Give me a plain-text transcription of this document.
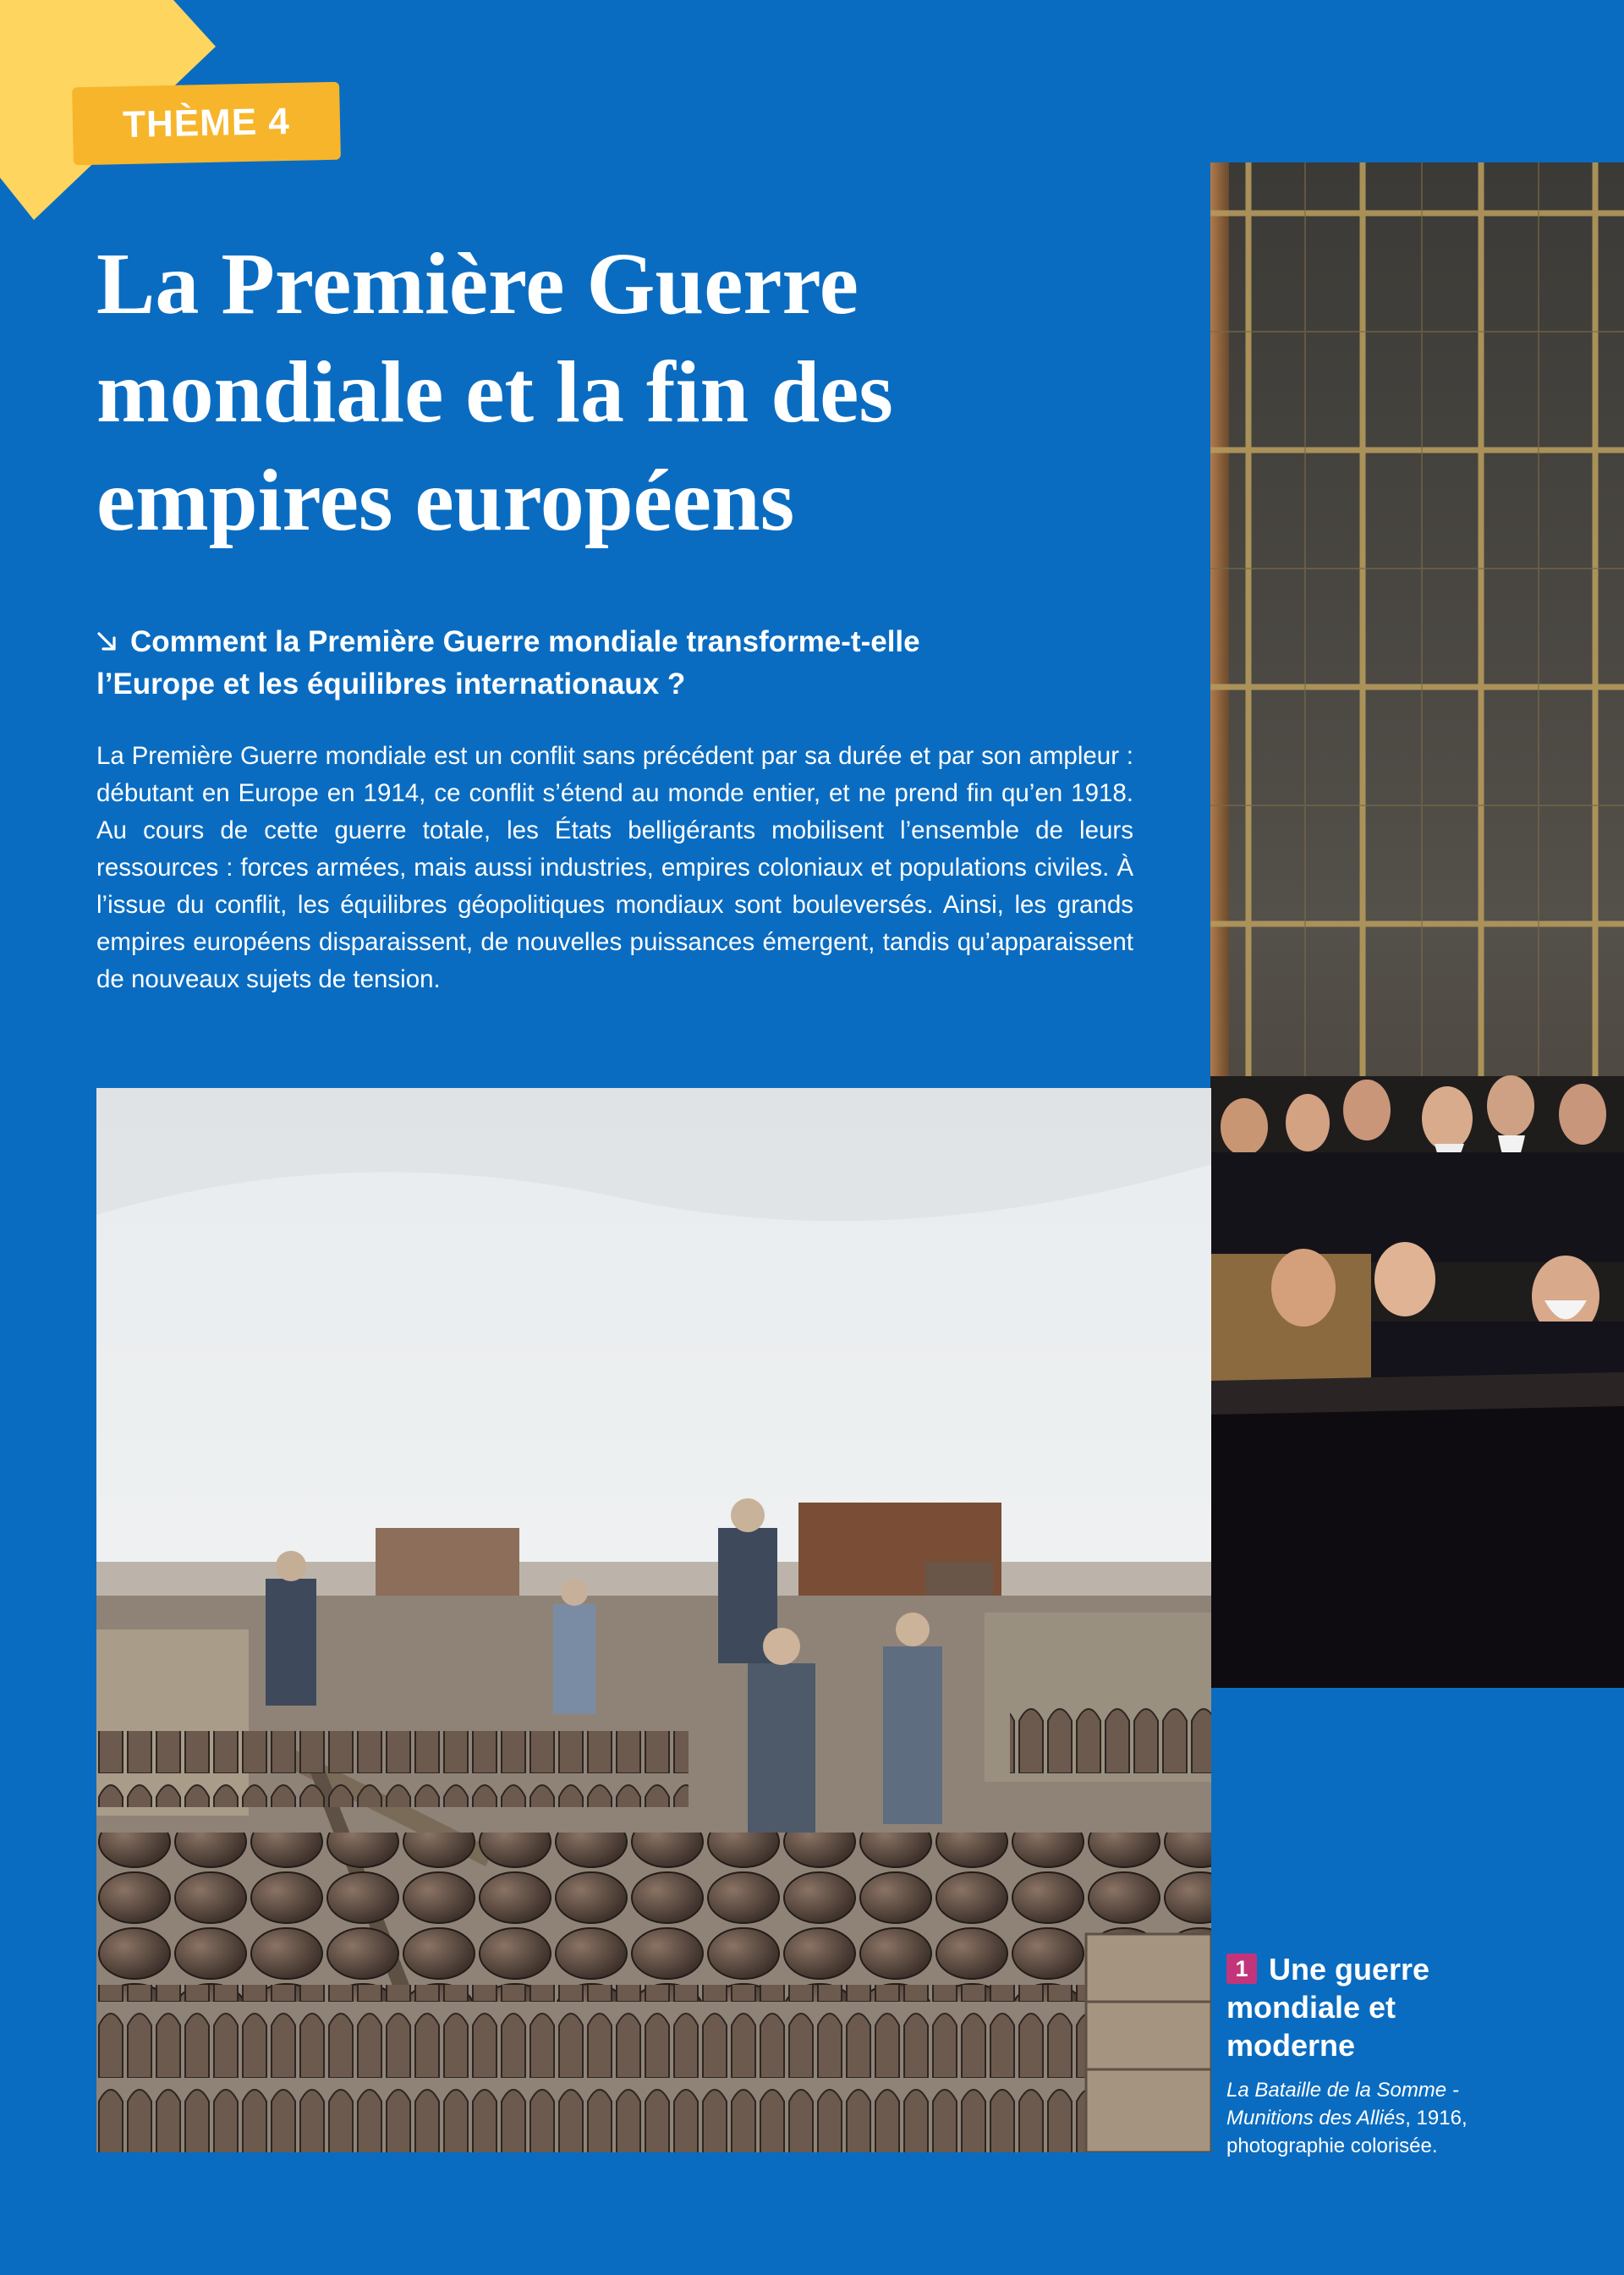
THÈME 4
La Première Guerre
mondiale et la fin des
empires européens
Comment la Première Guerre mondiale transforme-t-elle
l’Europe et les équilibres internationaux ?

La Première Guerre mondiale est un conflit sans précédent par sa durée et par son ampleur : débutant en Europe en 1914, ce conflit s’étend au monde entier, et ne prend fin qu’en 1918. Au cours de cette guerre totale, les États belligérants mobilisent l’ensemble de leurs ressources : forces armées, mais aussi industries, empires coloniaux et populations civiles. À l’issue du conflit, les équilibres géopolitiques mondiaux sont bouleversés. Ainsi, les grands empires européens disparaissent, de nouvelles puissances émergent, tandis qu’apparaissent de nouveaux sujets de tension.

1 Une guerre
mondiale et
moderne
La Bataille de la Somme -
Munitions des Alliés, 1916,
photographie colorisée.
